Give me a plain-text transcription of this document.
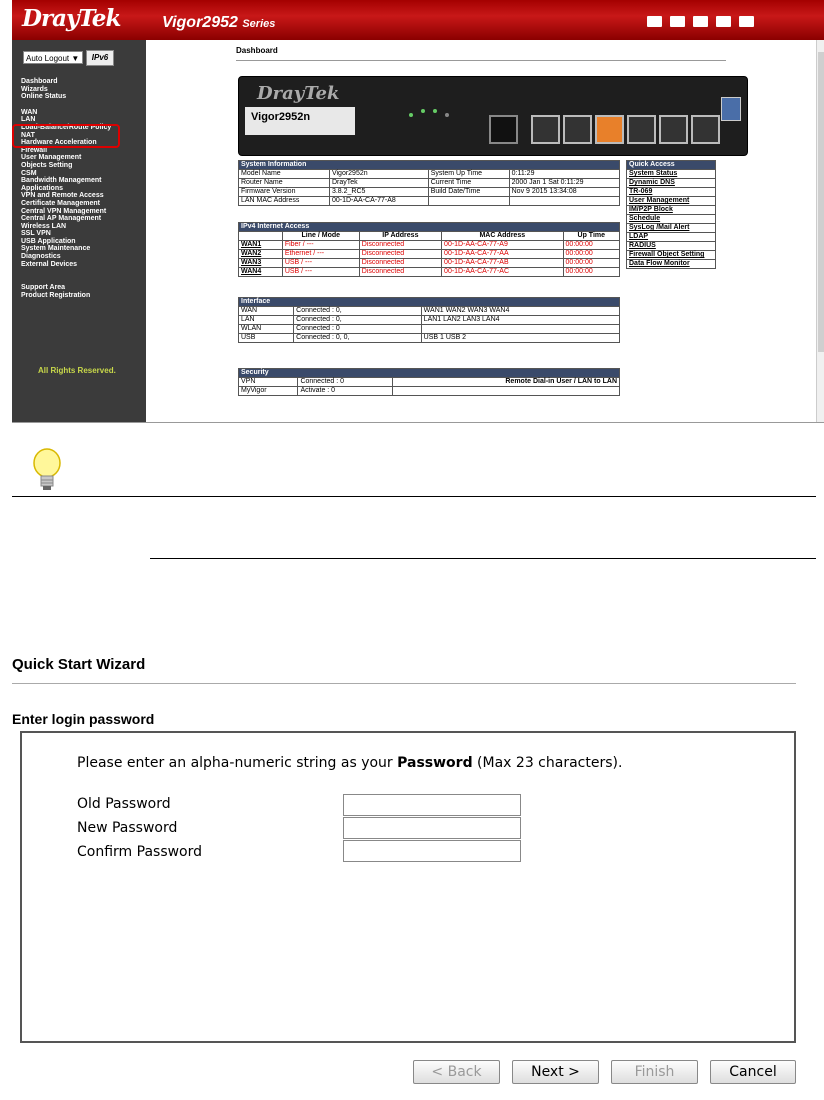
DrayTek	Vigor2952 Series
Auto Logout ▼	IPv6
Dashboard
Wizards
Online Status
WAN
LAN
Load-Balance/Route Policy
NAT
Hardware Acceleration
Firewall
User Management
Objects Setting
CSM
Bandwidth Management
Applications
VPN and Remote Access
Certificate Management
Central VPN Management
Central AP Management
Wireless LAN
SSL VPN
USB Application
System Maintenance
Diagnostics
External Devices
Support Area
Product Registration
All Rights Reserved.
Dashboard
DrayTek
Vigor2952n
System Information			
Model Name	Vigor2952n	System Up Time	0:11:29
Router Name	DrayTek	Current Time	2000 Jan 1 Sat 0:11:29
Firmware Version	3.8.2_RC5	Build Date/Time	Nov 9 2015 13:34:08
LAN MAC Address	00-1D-AA-CA-77-A8		
IPv4 Internet Access				
	Line / Mode	IP Address	MAC Address	Up Time
WAN1	Fiber / ---	Disconnected	00-1D-AA-CA-77-A9	00:00:00
WAN2	Ethernet / ---	Disconnected	00-1D-AA-CA-77-AA	00:00:00
WAN3	USB / ---	Disconnected	00-1D-AA-CA-77-AB	00:00:00
WAN4	USB / ---	Disconnected	00-1D-AA-CA-77-AC	00:00:00
Interface		
WAN	Connected : 0,	WAN1 WAN2 WAN3 WAN4
LAN	Connected : 0,	LAN1 LAN2 LAN3 LAN4
WLAN	Connected : 0	
USB	Connected : 0, 0,	USB 1 USB 2
Security		
VPN	Connected : 0	Remote Dial-in User / LAN to LAN
MyVigor	Activate : 0	
Quick Access
System Status
Dynamic DNS
TR-069
User Management
IM/P2P Block
Schedule
SysLog /Mail Alert
LDAP
RADIUS
Firewall Object Setting
Data Flow Monitor
Quick Start Wizard
Enter login password
Please enter an alpha-numeric string as your Password (Max 23 characters).
Old Password
New Password
Confirm Password
< Back	Next >	Finish	Cancel
